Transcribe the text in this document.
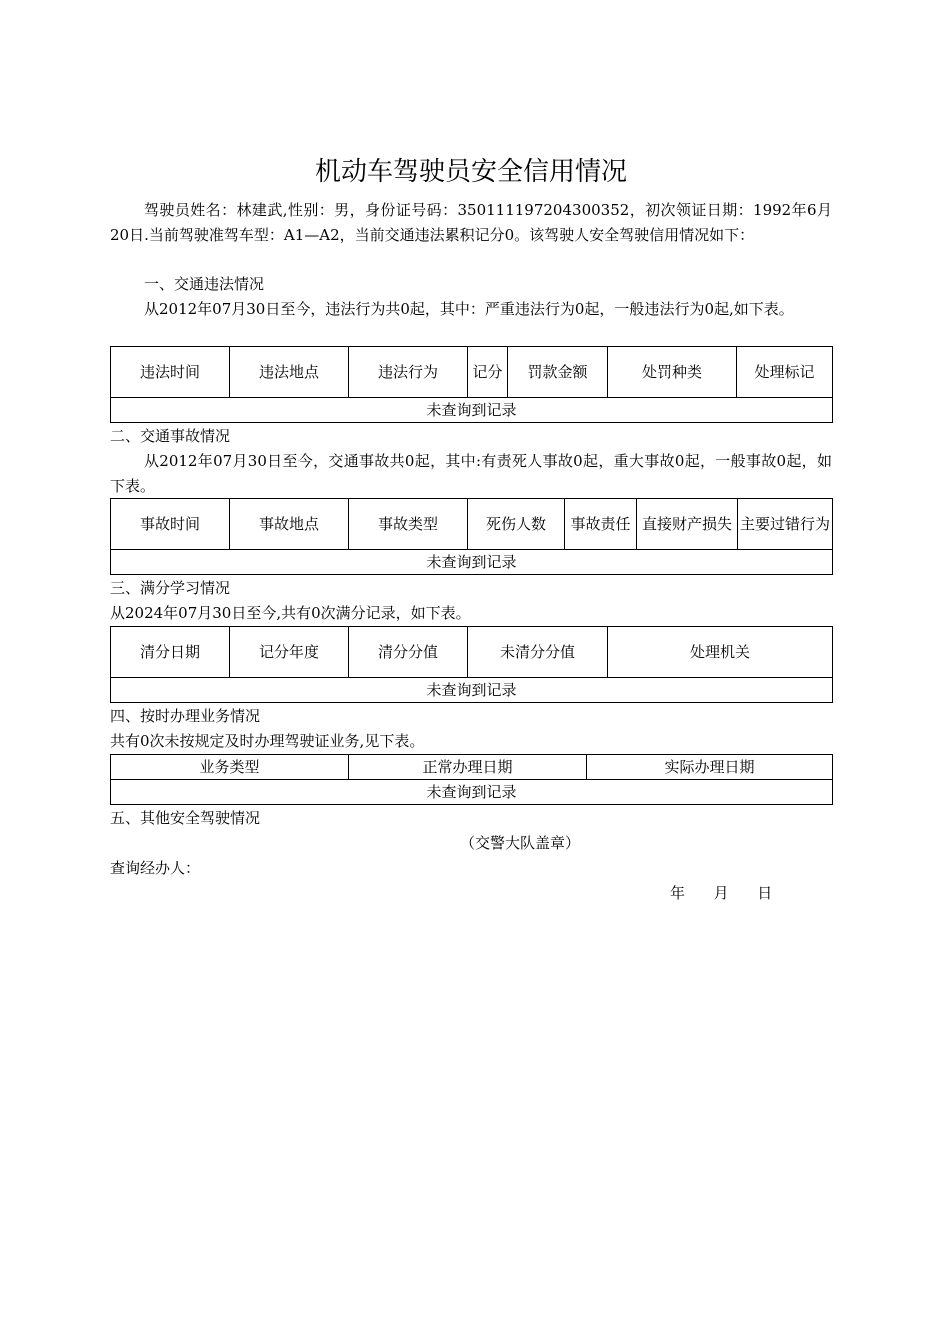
机动车驾驶员安全信用情况
驾驶员姓名：林建武,性别：男，身份证号码：350111197204300352，初次领证日期：1992年6月20日.当前驾驶准驾车型：A1—A2，当前交通违法累积记分0。该驾驶人安全驾驶信用情况如下：
一、交通违法情况
从2012年07月30日至今，违法行为共0起，其中：严重违法行为0起，一般违法行为0起,如下表。
违法时间	违法地点	违法行为	记分	罚款金额	处罚种类	处理标记
未查询到记录
二、交通事故情况
从2012年07月30日至今，交通事故共0起，其中:有责死人事故0起，重大事故0起，一般事故0起，如下表。
事故时间	事故地点	事故类型	死伤人数	事故责任	直接财产损失	主要过错行为
未查询到记录
三、满分学习情况
从2024年07月30日至今,共有0次满分记录，如下表。
清分日期	记分年度	清分分值	未清分分值	处理机关
未查询到记录
四、按时办理业务情况
共有0次未按规定及时办理驾驶证业务,见下表。
业务类型	正常办理日期	实际办理日期
未查询到记录
五、其他安全驾驶情况
（交警大队盖章）
查询经办人：
年      月      日
